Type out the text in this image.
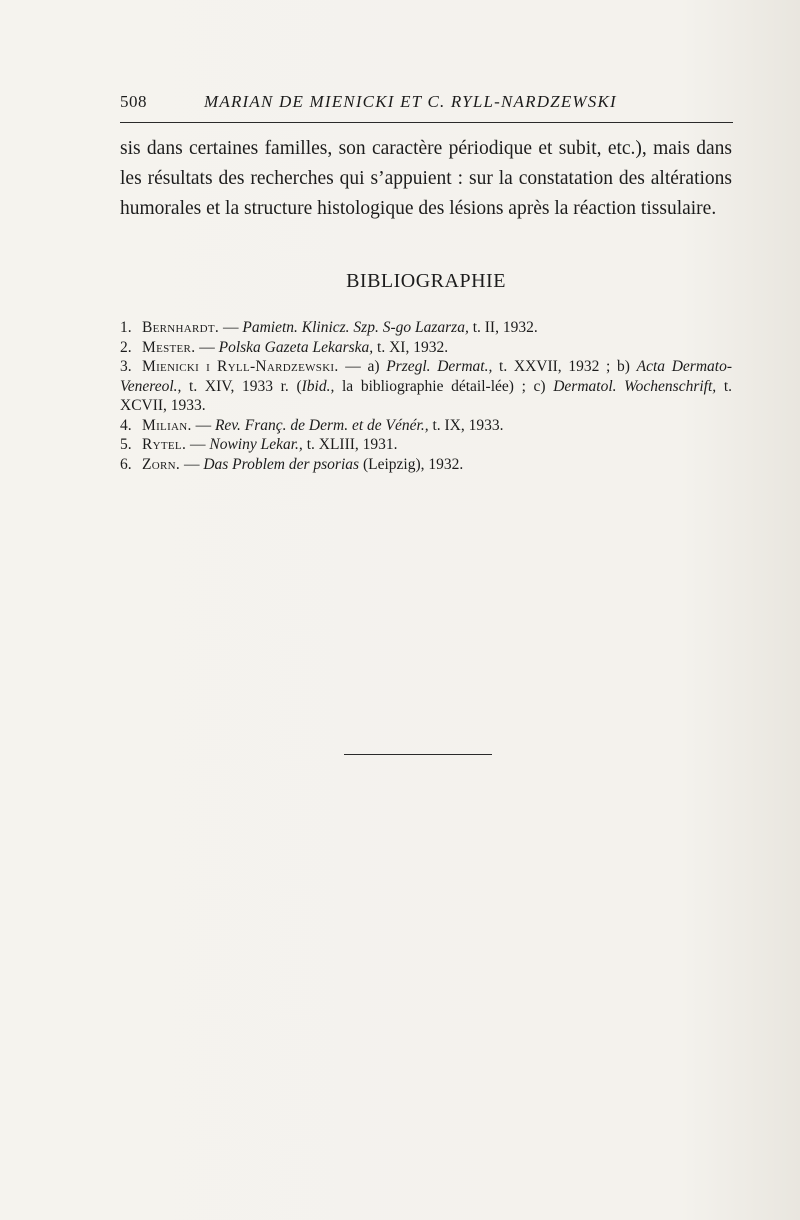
508	MARIAN DE MIENICKI ET C. RYLL-NARDZEWSKI

sis dans certaines familles, son caractère périodique et subit, etc.), mais dans les résultats des recherches qui s’appuient : sur la constatation des altérations humorales et la structure histologique des lésions après la réaction tissulaire.

BIBLIOGRAPHIE
1. Bernhardt. — Pamietn. Klinicz. Szp. S-go Lazarza, t. II, 1932.
2. Mester. — Polska Gazeta Lekarska, t. XI, 1932.
3. Mienicki i Ryll-Nardzewski. — a) Przegl. Dermat., t. XXVII, 1932 ; b) Acta Dermato-Venereol., t. XIV, 1933 r. (Ibid., la bibliographie détail-lée) ; c) Dermatol. Wochenschrift, t. XCVII, 1933.
4. Milian. — Rev. Franç. de Derm. et de Vénér., t. IX, 1933.
5. Rytel. — Nowiny Lekar., t. XLIII, 1931.
6. Zorn. — Das Problem der psorias (Leipzig), 1932.
